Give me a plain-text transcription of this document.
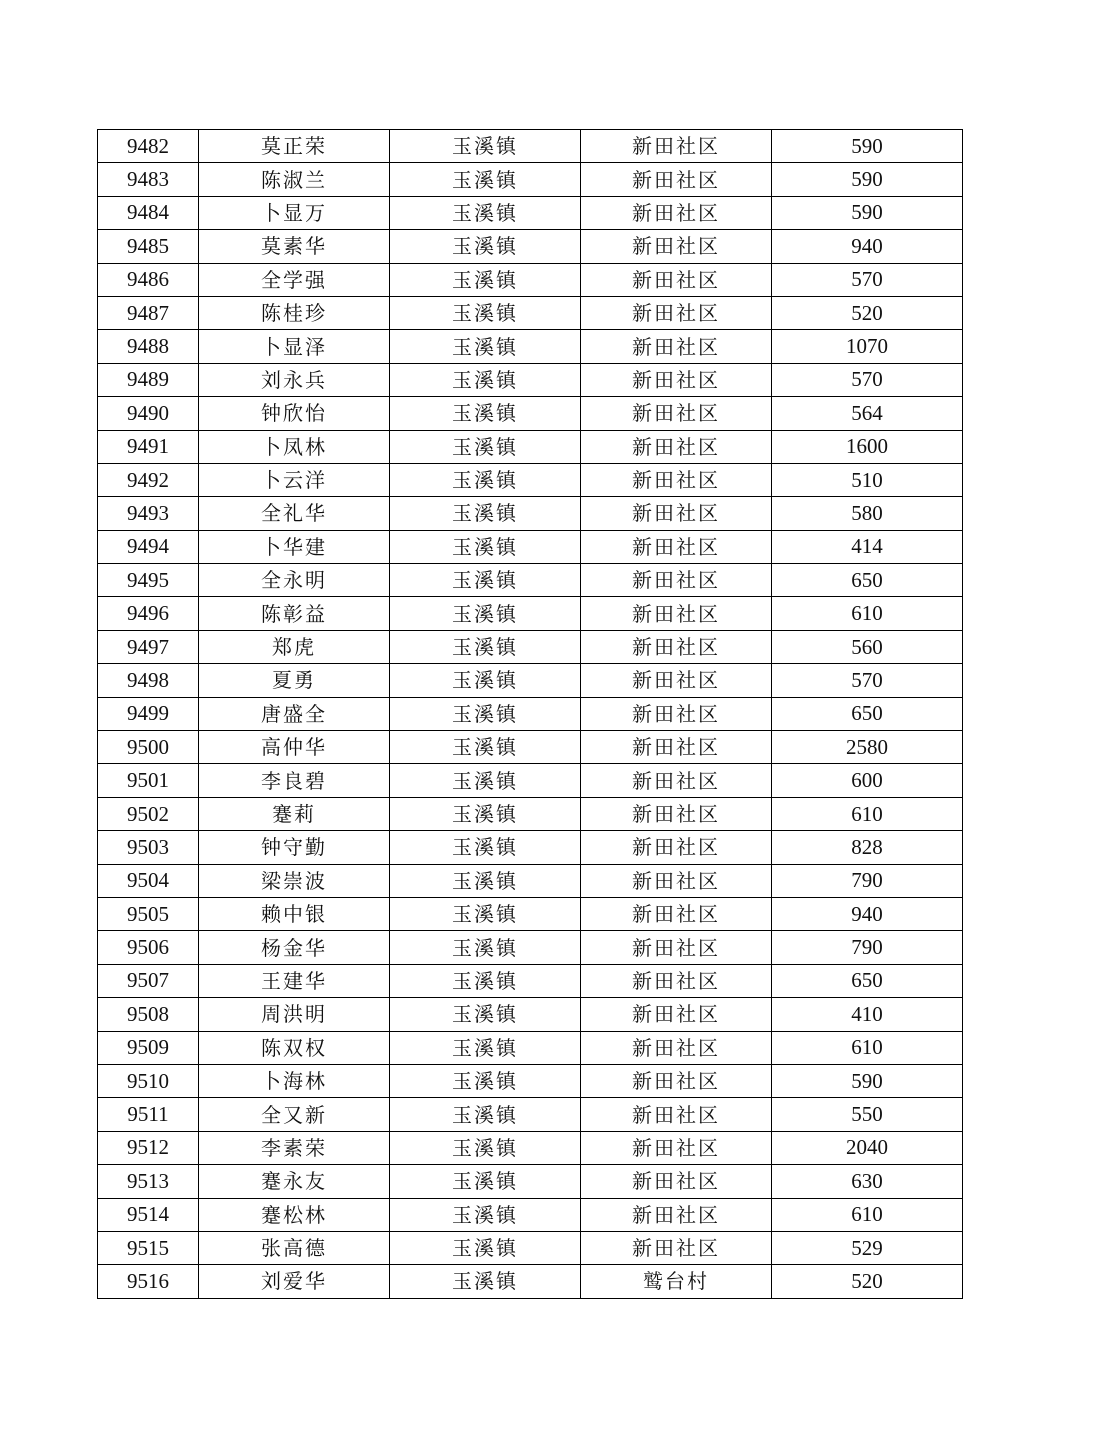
9482	莫正荣	玉溪镇	新田社区	590
9483	陈淑兰	玉溪镇	新田社区	590
9484	卜显万	玉溪镇	新田社区	590
9485	莫素华	玉溪镇	新田社区	940
9486	全学强	玉溪镇	新田社区	570
9487	陈桂珍	玉溪镇	新田社区	520
9488	卜显泽	玉溪镇	新田社区	1070
9489	刘永兵	玉溪镇	新田社区	570
9490	钟欣怡	玉溪镇	新田社区	564
9491	卜凤林	玉溪镇	新田社区	1600
9492	卜云洋	玉溪镇	新田社区	510
9493	全礼华	玉溪镇	新田社区	580
9494	卜华建	玉溪镇	新田社区	414
9495	全永明	玉溪镇	新田社区	650
9496	陈彰益	玉溪镇	新田社区	610
9497	郑虎	玉溪镇	新田社区	560
9498	夏勇	玉溪镇	新田社区	570
9499	唐盛全	玉溪镇	新田社区	650
9500	高仲华	玉溪镇	新田社区	2580
9501	李良碧	玉溪镇	新田社区	600
9502	蹇莉	玉溪镇	新田社区	610
9503	钟守勤	玉溪镇	新田社区	828
9504	梁崇波	玉溪镇	新田社区	790
9505	赖中银	玉溪镇	新田社区	940
9506	杨金华	玉溪镇	新田社区	790
9507	王建华	玉溪镇	新田社区	650
9508	周洪明	玉溪镇	新田社区	410
9509	陈双权	玉溪镇	新田社区	610
9510	卜海林	玉溪镇	新田社区	590
9511	全又新	玉溪镇	新田社区	550
9512	李素荣	玉溪镇	新田社区	2040
9513	蹇永友	玉溪镇	新田社区	630
9514	蹇松林	玉溪镇	新田社区	610
9515	张高德	玉溪镇	新田社区	529
9516	刘爱华	玉溪镇	鹫台村	520
